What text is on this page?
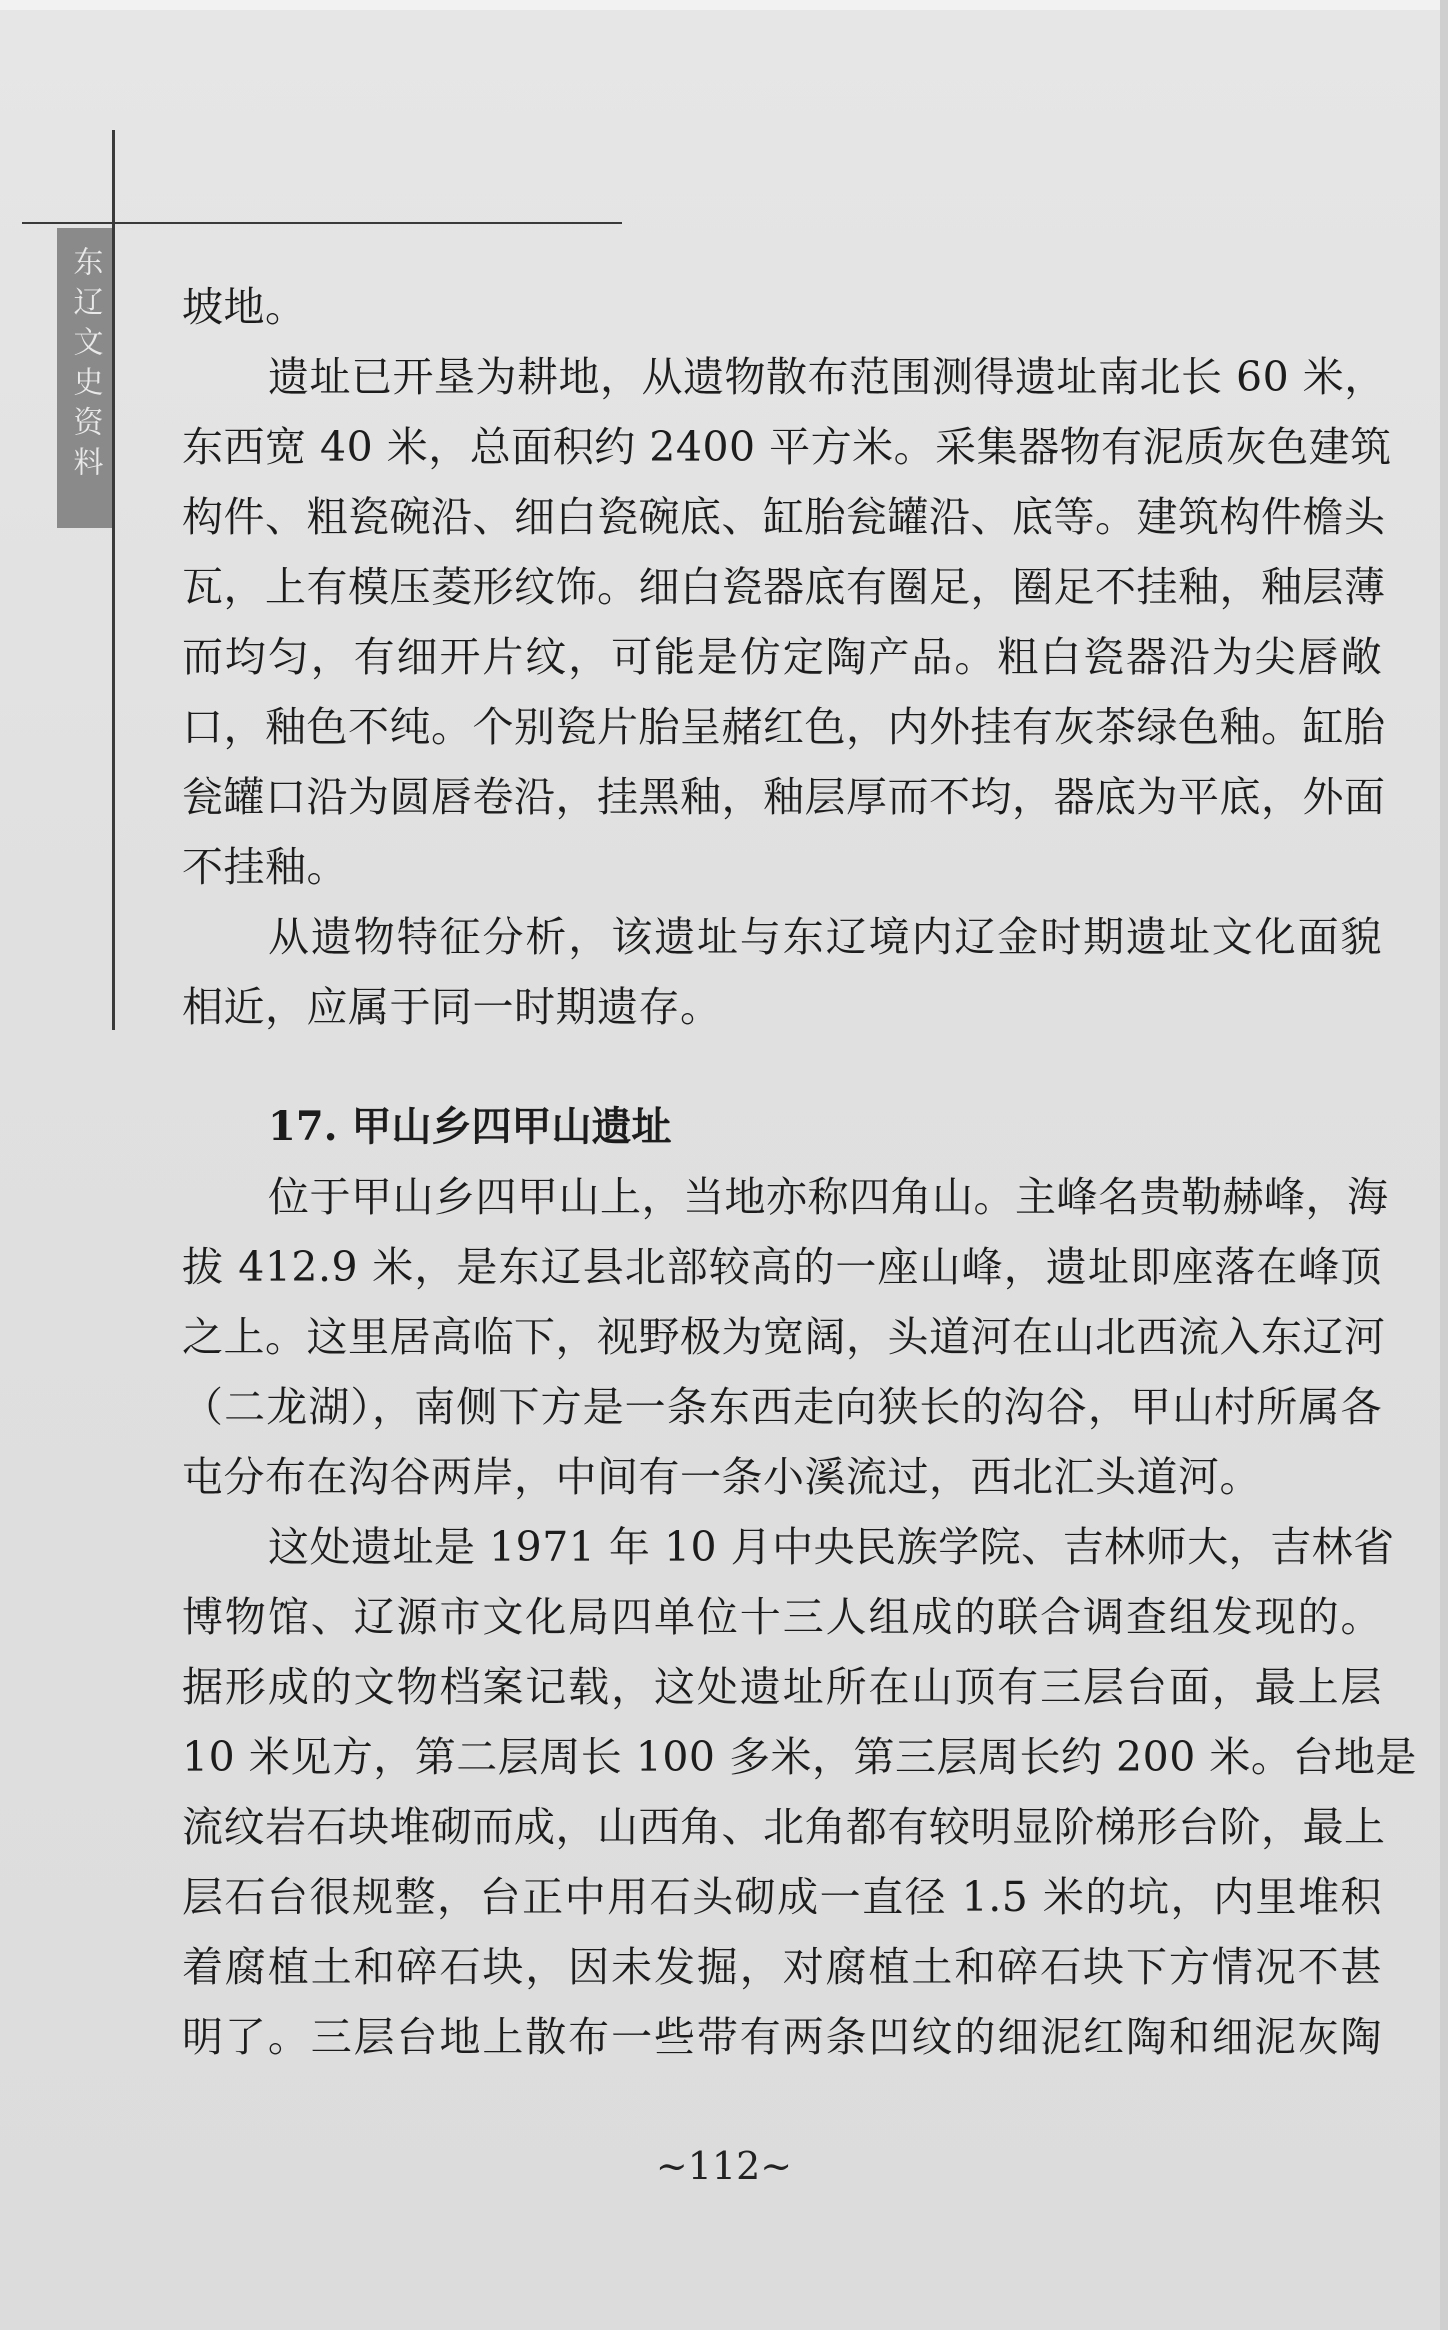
东辽文史资料 坡地。
遗址已开垦为耕地，从遗物散布范围测得遗址南北长 60 米，
东西宽 40 米，总面积约 2400 平方米。采集器物有泥质灰色建筑
构件、粗瓷碗沿、细白瓷碗底、缸胎瓮罐沿、底等。建筑构件檐头
瓦，上有模压菱形纹饰。细白瓷器底有圈足，圈足不挂釉，釉层薄
而均匀，有细开片纹，可能是仿定陶产品。粗白瓷器沿为尖唇敞
口，釉色不纯。个别瓷片胎呈赭红色，内外挂有灰茶绿色釉。缸胎
瓮罐口沿为圆唇卷沿，挂黑釉，釉层厚而不均，器底为平底，外面
不挂釉。
从遗物特征分析，该遗址与东辽境内辽金时期遗址文化面貌
相近，应属于同一时期遗存。
17. 甲山乡四甲山遗址
位于甲山乡四甲山上，当地亦称四角山。主峰名贵勒赫峰，海
拔 412.9 米，是东辽县北部较高的一座山峰，遗址即座落在峰顶
之上。这里居高临下，视野极为宽阔，头道河在山北西流入东辽河
（二龙湖），南侧下方是一条东西走向狭长的沟谷，甲山村所属各
屯分布在沟谷两岸，中间有一条小溪流过，西北汇头道河。
这处遗址是 1971 年 10 月中央民族学院、吉林师大，吉林省
博物馆、辽源市文化局四单位十三人组成的联合调查组发现的。
据形成的文物档案记载，这处遗址所在山顶有三层台面，最上层
10 米见方，第二层周长 100 多米，第三层周长约 200 米。台地是
流纹岩石块堆砌而成，山西角、北角都有较明显阶梯形台阶，最上
层石台很规整，台正中用石头砌成一直径 1.5 米的坑，内里堆积
着腐植土和碎石块，因未发掘，对腐植土和碎石块下方情况不甚
明了。三层台地上散布一些带有两条凹纹的细泥红陶和细泥灰陶
~112~
